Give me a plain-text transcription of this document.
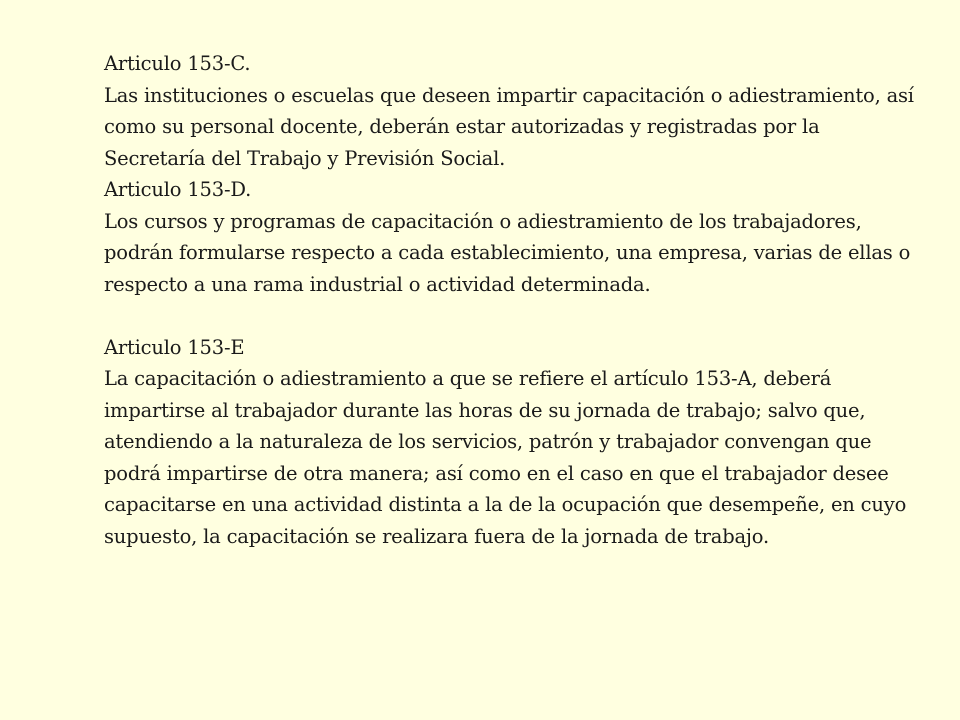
Articulo 153-C.

Las instituciones o escuelas que deseen impartir capacitación o adiestramiento, así como su personal docente, deberán estar autorizadas y registradas por la Secretaría del Trabajo y Previsión Social.

Articulo 153-D.

Los cursos y programas de capacitación o adiestramiento de los trabajadores, podrán formularse respecto a cada establecimiento, una empresa, varias de ellas o respecto a una rama industrial o actividad determinada.

Articulo 153-E

La capacitación o adiestramiento a que se refiere el artículo 153-A, deberá impartirse al trabajador durante las horas de su jornada de trabajo; salvo que, atendiendo a la naturaleza de los servicios, patrón y trabajador convengan que podrá impartirse de otra manera; así como en el caso en que el trabajador desee capacitarse en una actividad distinta a la de la ocupación que desempeñe, en cuyo supuesto, la capacitación se realizara fuera de la jornada de trabajo.
